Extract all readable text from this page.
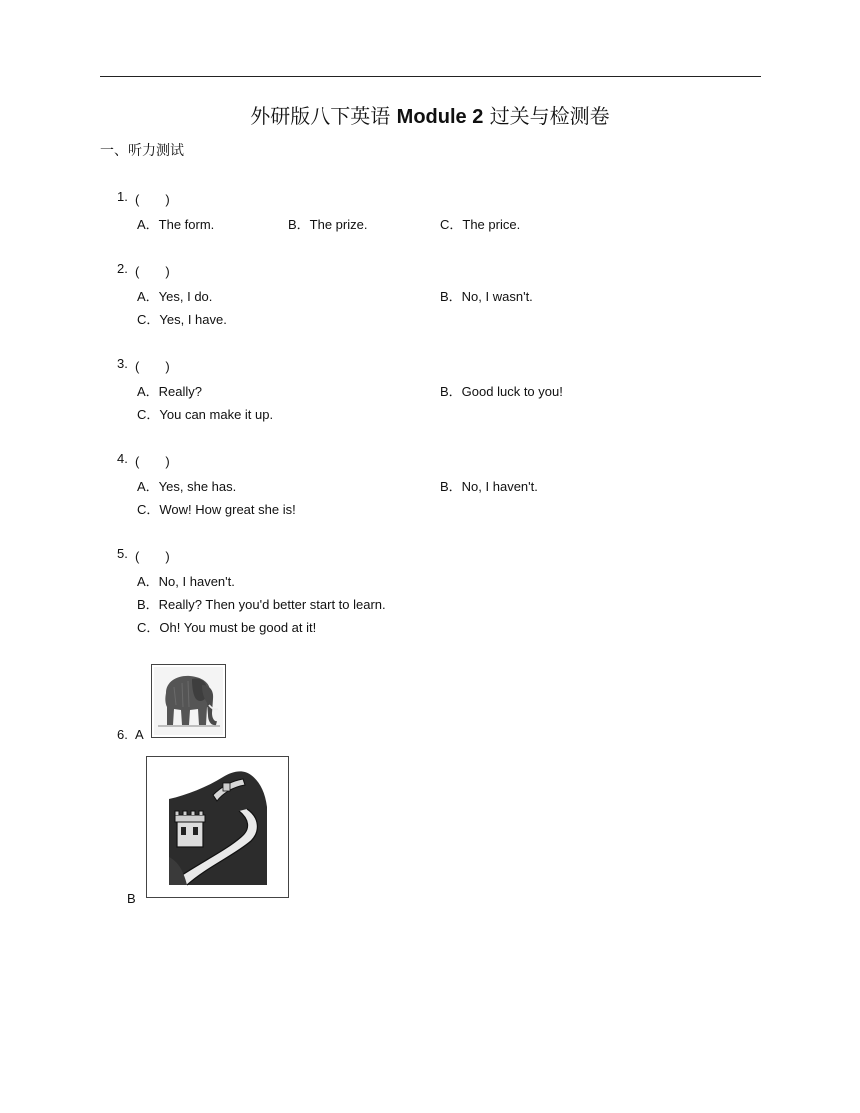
外研版八下英语 Module 2 过关与检测卷
一、听力测试
1. (　　)
A．The form.	B．The prize.	C．The price.
2. (　　)
A．Yes, I do.	B．No, I wasn't.
C．Yes, I have.
3. (　　)
A．Really?	B．Good luck to you!
C．You can make it up.
4. (　　)
A．Yes, she has.	B．No, I haven't.
C．Wow! How great she is!
5. (　　)
A．No, I haven't.
B．Really? Then you'd better start to learn.
C．Oh! You must be good at it!
6. A
B
